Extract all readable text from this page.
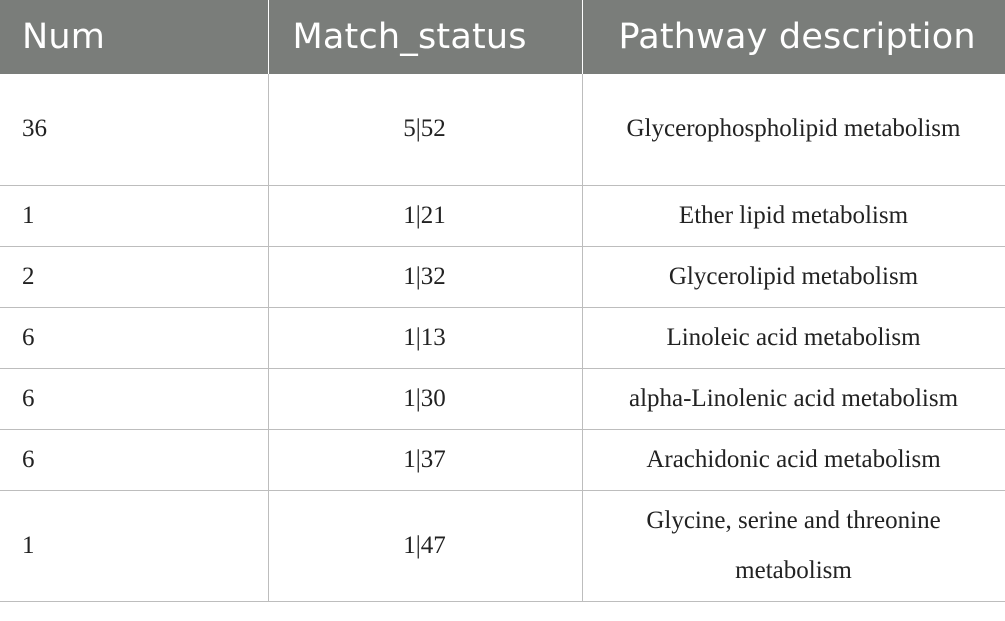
Num	Match_status	Pathway description
36	5|52	Glycerophospholipid metabolism
1	1|21	Ether lipid metabolism
2	1|32	Glycerolipid metabolism
6	1|13	Linoleic acid metabolism
6	1|30	alpha-Linolenic acid metabolism
6	1|37	Arachidonic acid metabolism
1	1|47	Glycine, serine and threonine metabolism
